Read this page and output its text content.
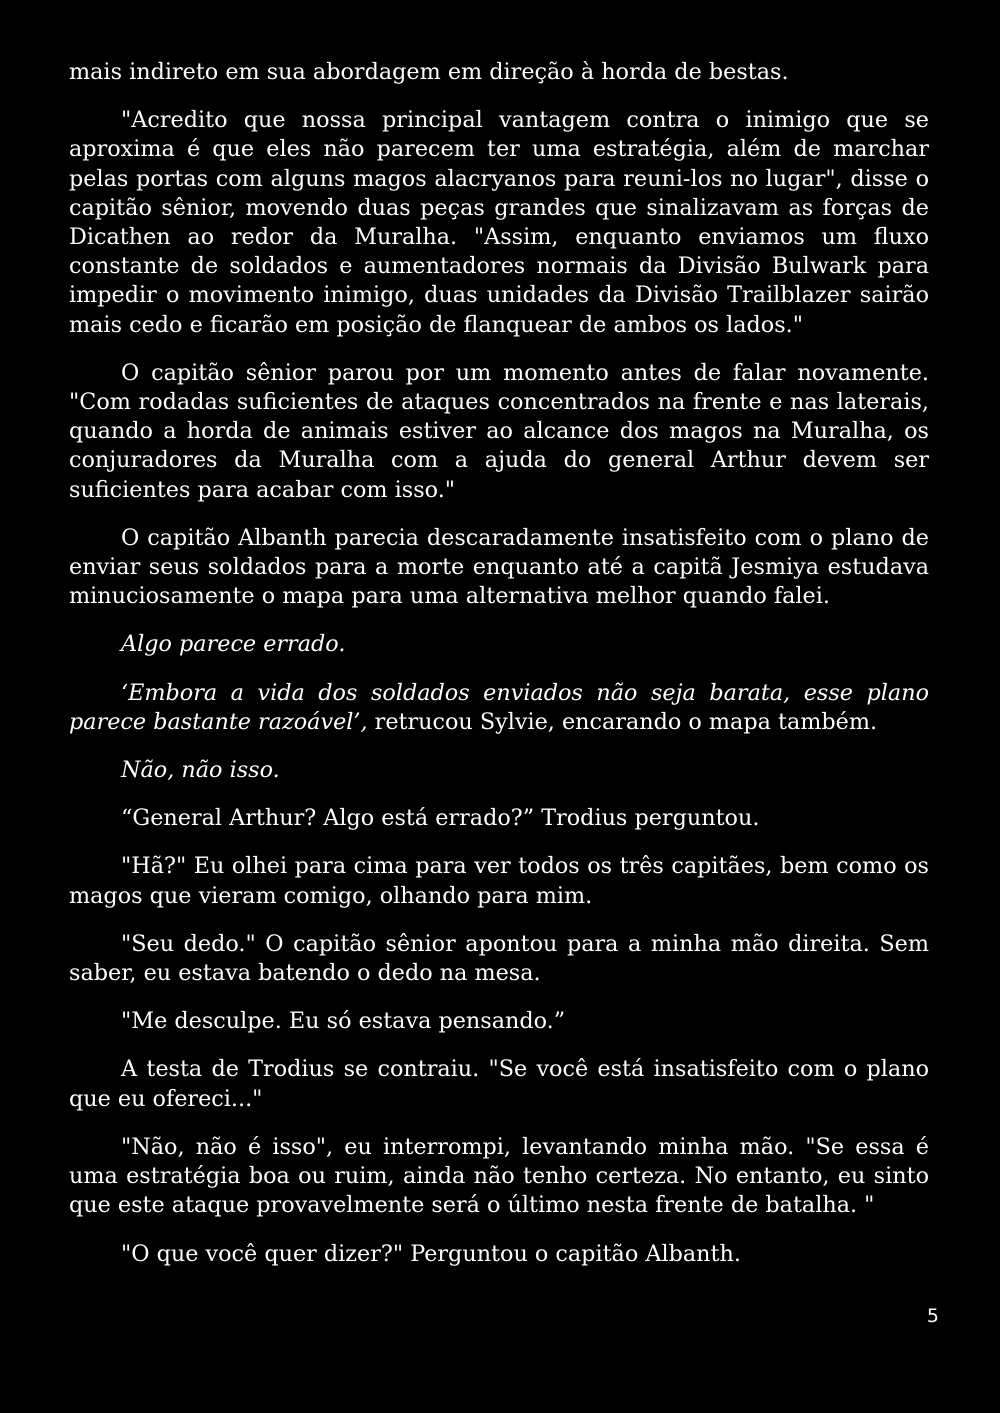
mais indireto em sua abordagem em direção à horda de bestas.

"Acredito que nossa principal vantagem contra o inimigo que se aproxima é que eles não parecem ter uma estratégia, além de marchar pelas portas com alguns magos alacryanos para reuni-los no lugar", disse o capitão sênior, movendo duas peças grandes que sinalizavam as forças de Dicathen ao redor da Muralha. "Assim, enquanto enviamos um fluxo constante de soldados e aumentadores normais da Divisão Bulwark para impedir o movimento inimigo, duas unidades da Divisão Trailblazer sairão mais cedo e ficarão em posição de flanquear de ambos os lados."

O capitão sênior parou por um momento antes de falar novamente. "Com rodadas suficientes de ataques concentrados na frente e nas laterais, quando a horda de animais estiver ao alcance dos magos na Muralha, os conjuradores da Muralha com a ajuda do general Arthur devem ser suficientes para acabar com isso."

O capitão Albanth parecia descaradamente insatisfeito com o plano de enviar seus soldados para a morte enquanto até a capitã Jesmiya estudava minuciosamente o mapa para uma alternativa melhor quando falei.

Algo parece errado.

‘Embora a vida dos soldados enviados não seja barata, esse plano parece bastante razoável’, retrucou Sylvie, encarando o mapa também.

Não, não isso.

“General Arthur? Algo está errado?” Trodius perguntou.

"Hã?" Eu olhei para cima para ver todos os três capitães, bem como os magos que vieram comigo, olhando para mim.

"Seu dedo." O capitão sênior apontou para a minha mão direita. Sem saber, eu estava batendo o dedo na mesa.

"Me desculpe. Eu só estava pensando.”

A testa de Trodius se contraiu. "Se você está insatisfeito com o plano que eu ofereci..."

"Não, não é isso", eu interrompi, levantando minha mão. "Se essa é uma estratégia boa ou ruim, ainda não tenho certeza. No entanto, eu sinto que este ataque provavelmente será o último nesta frente de batalha. "

"O que você quer dizer?" Perguntou o capitão Albanth.

5
